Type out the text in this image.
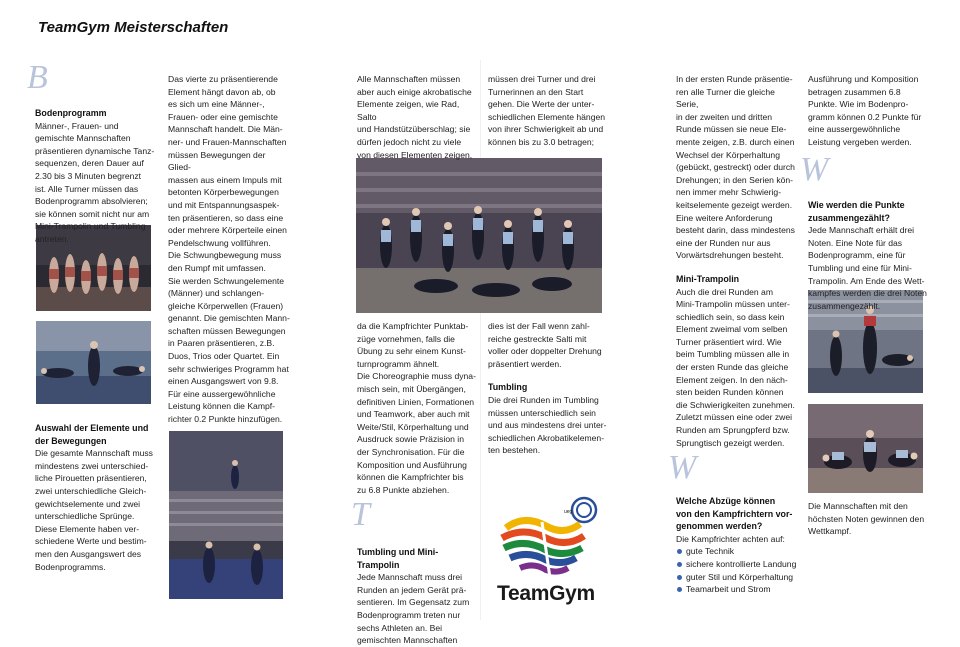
TeamGym Meisterschaften
B
Bodenprogramm

Männer-, Frauen- und
gemischte Mannschaften
präsentieren dynamische Tanz-
sequenzen, deren Dauer auf
2.30 bis 3 Minuten begrenzt
ist. Alle Turner müssen das
Bodenprogramm absolvieren;
sie können somit nicht nur am
Mini-Trampolin und Tumbling
antreten.

Auswahl der Elemente und
der Bewegungen

Die gesamte Mannschaft muss
mindestens zwei unterschied-
liche Pirouetten präsentieren,
zwei unterschiedliche Gleich-
gewichtselemente und zwei
unterschiedliche Sprünge.
Diese Elemente haben ver-
schiedene Werte und bestim-
men den Ausgangswert des
Bodenprogramms.

Das vierte zu präsentierende
Element hängt davon ab, ob
es sich um eine Männer-,
Frauen- oder eine gemischte
Mannschaft handelt. Die Män-
ner- und Frauen-Mannschaften
müssen Bewegungen der Glied-
massen aus einem Impuls mit
betonten Körperbewegungen
und mit Entspannungsaspek-
ten präsentieren, so dass eine
oder mehrere Körperteile einen
Pendelschwung vollführen.
Die Schwungbewegung muss
den Rumpf mit umfassen.
Sie werden Schwungelemente
(Männer) und schlangen-
gleiche Körperwellen (Frauen)
genannt. Die gemischten Mann-
schaften müssen Bewegungen
in Paaren präsentieren, z.B.
Duos, Trios oder Quartet. Ein
sehr schwieriges Programm hat
einen Ausgangswert von 9.8.
Für eine aussergewöhnliche
Leistung können die Kampf-
richter 0.2 Punkte hinzufügen.

Alle Mannschaften müssen
aber auch einige akrobatische
Elemente zeigen, wie Rad, Salto
und Handstützüberschlag; sie
dürfen jedoch nicht zu viele
von diesen Elementen zeigen,

da die Kampfrichter Punktab-
züge vornehmen, falls die
Übung zu sehr einem Kunst-
turnprogramm ähnelt.
Die Choreographie muss dyna-
misch sein, mit Übergängen,
definitiven Linien, Formationen
und Teamwork, aber auch mit
Weite/Stil, Körperhaltung und
Ausdruck sowie Präzision in
der Synchronisation. Für die
Komposition und Ausführung
können die Kampfrichter bis
zu 6.8 Punkte abziehen.

T
Tumbling und Mini-Trampolin

Jede Mannschaft muss drei
Runden an jedem Gerät prä-
sentieren. Im Gegensatz zum
Bodenprogramm treten nur
sechs Athleten an. Bei
gemischten Mannschaften

müssen drei Turner und drei
Turnerinnen an den Start
gehen. Die Werte der unter-
schiedlichen Elemente hängen
von ihrer Schwierigkeit ab und
können bis zu 3.0 betragen;

dies ist der Fall wenn zahl-
reiche gestreckte Salti mit
voller oder doppelter Drehung
präsentiert werden.

Tumbling

Die drei Runden im Tumbling
müssen unterschiedlich sein
und aus mindestens drei unter-
schiedlichen Akrobatikelemen-
ten bestehen.

ueg
TeamGym

In der ersten Runde präsentie-
ren alle Turner die gleiche Serie,
in der zweiten und dritten
Runde müssen sie neue Ele-
mente zeigen, z.B. durch einen
Wechsel der Körperhaltung
(gebückt, gestreckt) oder durch
Drehungen; in den Serien kön-
nen immer mehr Schwierig-
keitselemente gezeigt werden.
Eine weitere Anforderung
besteht darin, dass mindestens
eine der Runden nur aus
Vorwärtsdrehungen besteht.

Mini-Trampolin

Auch die drei Runden am
Mini-Trampolin müssen unter-
schiedlich sein, so dass kein
Element zweimal vom selben
Turner präsentiert wird. Wie
beim Tumbling müssen alle in
der ersten Runde das gleiche
Element zeigen. In den näch-
sten beiden Runden können
die Schwierigkeiten zunehmen.
Zuletzt müssen eine oder zwei
Runden am Sprungpferd bzw.
Sprungtisch gezeigt werden.

W
Welche Abzüge können
von den Kampfrichtern vor-
genommen werden?

Die Kampfrichter achten auf:

gute Technik
sichere kontrollierte Landung
guter Stil und Körperhaltung
Teamarbeit und Strom

Ausführung und Komposition
betragen zusammen 6.8
Punkte. Wie im Bodenpro-
gramm können 0.2 Punkte für
eine aussergewöhnliche
Leistung vergeben werden.

W
Wie werden die Punkte
zusammengezählt?

Jede Mannschaft erhält drei
Noten. Eine Note für das
Bodenprogramm, eine für
Tumbling und eine für Mini-
Trampolin. Am Ende des Wett-
kampfes werden die drei Noten
zusammengezählt.

Die Mannschaften mit den
höchsten Noten gewinnen den
Wettkampf.
